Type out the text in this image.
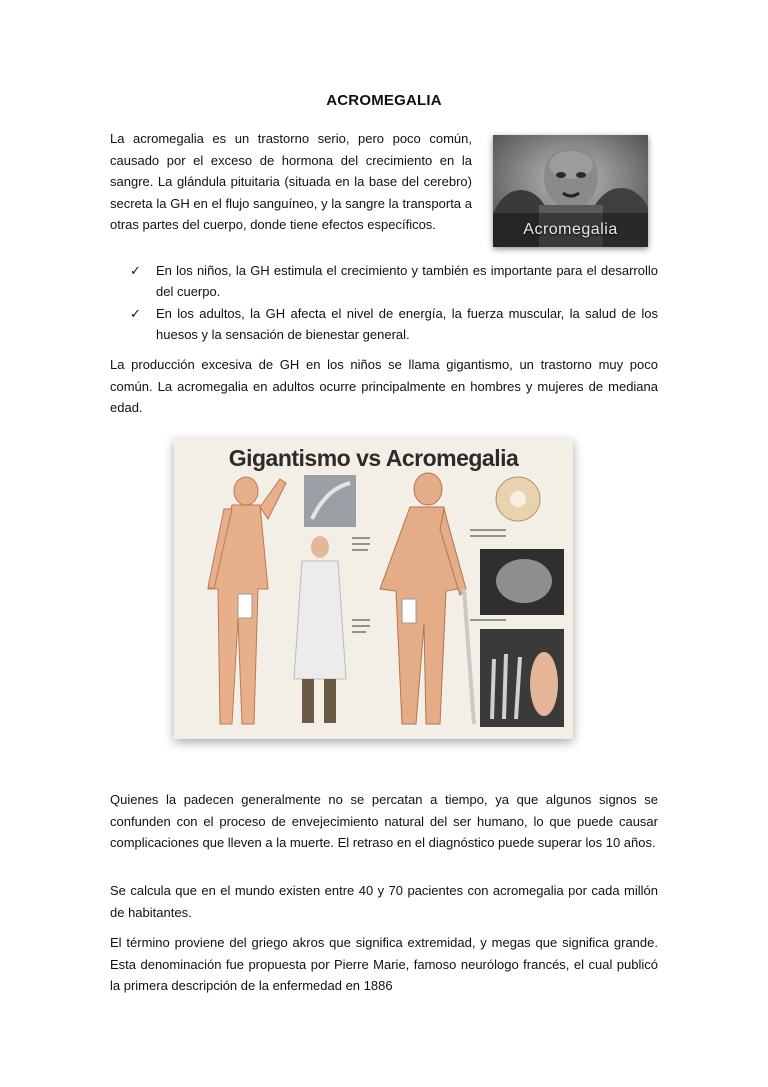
ACROMEGALIA

La acromegalia es un trastorno serio, pero poco común, causado por el exceso de hormona del crecimiento en la sangre. La glándula pituitaria (situada en la base del cerebro) secreta la GH en el flujo sanguíneo, y la sangre la transporta a otras partes del cuerpo, donde tiene efectos específicos.	Acromegalia
✓ En los niños, la GH estimula el crecimiento y también es importante para el desarrollo del cuerpo.
✓ En los adultos, la GH afecta el nivel de energía, la fuerza muscular, la salud de los huesos y la sensación de bienestar general.

La producción excesiva de GH en los niños se llama gigantismo, un trastorno muy poco común. La acromegalia en adultos ocurre principalmente en hombres y mujeres de mediana edad.

Gigantismo vs Acromegalia

Quienes la padecen generalmente no se percatan a tiempo, ya que algunos signos se confunden con el proceso de envejecimiento natural del ser humano, lo que puede causar complicaciones que lleven a la muerte. El retraso en el diagnóstico puede superar los 10 años.

Se calcula que en el mundo existen entre 40 y 70 pacientes con acromegalia por cada millón de habitantes.

El término proviene del griego akros que significa extremidad, y megas que significa grande. Esta denominación fue propuesta por Pierre Marie, famoso neurólogo francés, el cual publicó la primera descripción de la enfermedad en 1886
